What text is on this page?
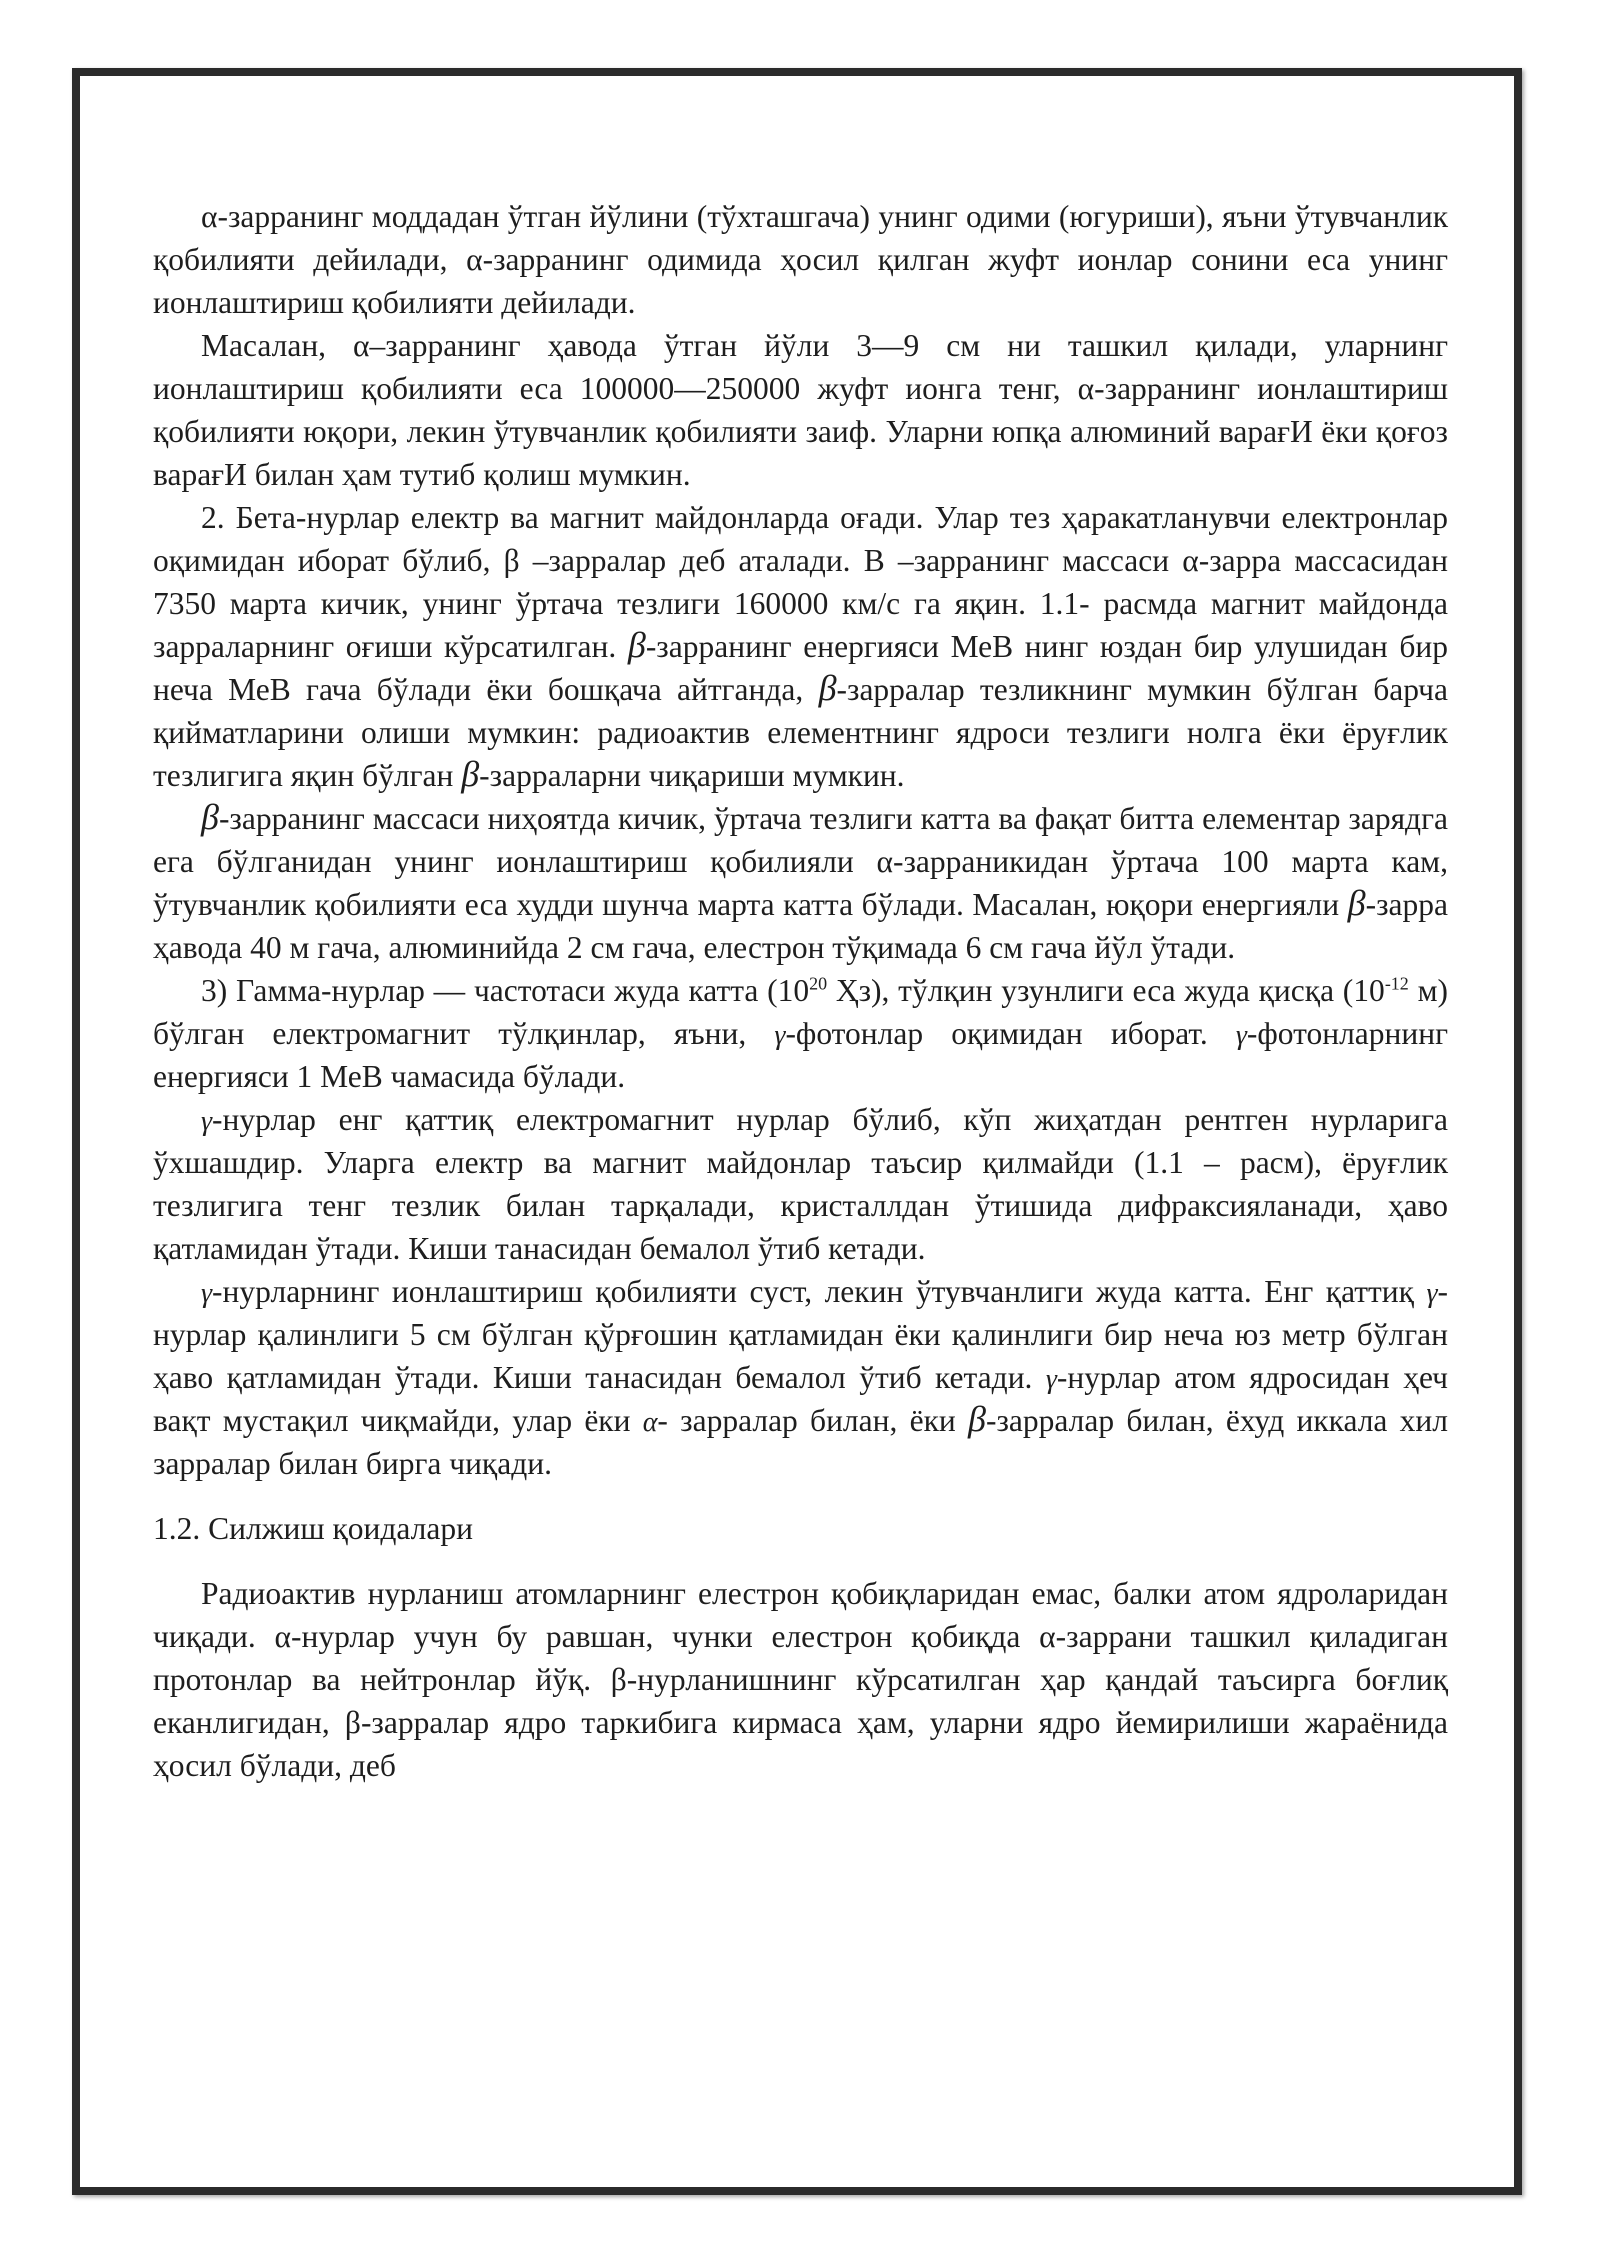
α-зарранинг моддадан ўтган йўлини (тўхташгача) унинг одими (югуриши), яъни ўтувчанлик қобилияти дейилади, α-зарранинг одимида ҳосил қилган жуфт ионлар сонини еса унинг ионлаштириш қобилияти дейилади.

Масалан, α–зарранинг ҳавода ўтган йўли 3—9 см ни ташкил қилади, уларнинг ионлаштириш қобилияти еса 100000—250000 жуфт ионга тенг, α-зарранинг ионлаштириш қобилияти юқори, лекин ўтувчанлик қобилияти заиф. Уларни юпқа алюминий варағИ ёки қоғоз варағИ билан ҳам тутиб қолиш мумкин.

2. Бета-нурлар електр ва магнит майдонларда оғади. Улар тез ҳаракатланувчи електронлар оқимидан иборат бўлиб, β –зарралар деб аталади. В –зарранинг массаси α-зарра массасидан 7350 марта кичик, унинг ўртача тезлиги 160000 км/с га яқин. 1.1- расмда магнит майдонда зарраларнинг оғиши кўрсатилган. β-зарранинг енергияси МеВ нинг юздан бир улушидан бир неча МеВ гача бўлади ёки бошқача айтганда, β-зарралар тезликнинг мумкин бўлган барча қийматларини олиши мумкин: радиоактив елементнинг ядроси тезлиги нолга ёки ёруғлик тезлигига яқин бўлган β-зарраларни чиқариши мумкин.

β-зарранинг массаси ниҳоятда кичик, ўртача тезлиги катта ва фақат битта елементар зарядга ега бўлганидан унинг ионлаштириш қобилияли α-зарраникидан ўртача 100 марта кам, ўтувчанлик қобилияти еса худди шунча марта катта бўлади. Масалан, юқори енергияли β-зарра ҳавода 40 м гача, алюминийда 2 см гача, елестрон тўқимада 6 см гача йўл ўтади.

3) Гамма-нурлар — частотаси жуда катта ($10^{20}$ Ҳз), тўлқин узунлиги еса жуда қисқа ($10^{-12}$ м) бўлган електромагнит тўлқинлар, яъни, γ-фотонлар оқимидан иборат. γ-фотонларнинг енергияси 1 МеВ чамасида бўлади.

γ-нурлар енг қаттиқ електромагнит нурлар бўлиб, кўп жиҳатдан рентген нурларига ўхшашдир. Уларга електр ва магнит майдонлар таъсир қилмайди (1.1 – расм), ёруғлик тезлигига тенг тезлик билан тарқалади, кристаллдан ўтишида дифраксияланади, ҳаво қатламидан ўтади. Киши танасидан бемалол ўтиб кетади.

γ-нурларнинг ионлаштириш қобилияти суст, лекин ўтувчанлиги жуда катта. Енг қаттиқ γ-нурлар қалинлиги 5 см бўлган қўрғошин қатламидан ёки қалинлиги бир неча юз метр бўлган ҳаво қатламидан ўтади. Киши танасидан бемалол ўтиб кетади. γ-нурлар атом ядросидан ҳеч вақт мустақил чиқмайди, улар ёки α- зарралар билан, ёки β-зарралар билан, ёхуд иккала хил зарралар билан бирга чиқади.

1.2. Силжиш қоидалари

Радиоактив нурланиш атомларнинг елестрон қобиқларидан емас, балки атом ядроларидан чиқади. α-нурлар учун бу равшан, чунки елестрон қобиқда α-заррани ташкил қиладиган протонлар ва нейтронлар йўқ. β-нурланишнинг кўрсатилган ҳар қандай таъсирга боғлиқ еканлигидан, β-зарралар ядро таркибига кирмаса ҳам, уларни ядро йемирилиши жараёнида ҳосил бўлади, деб
